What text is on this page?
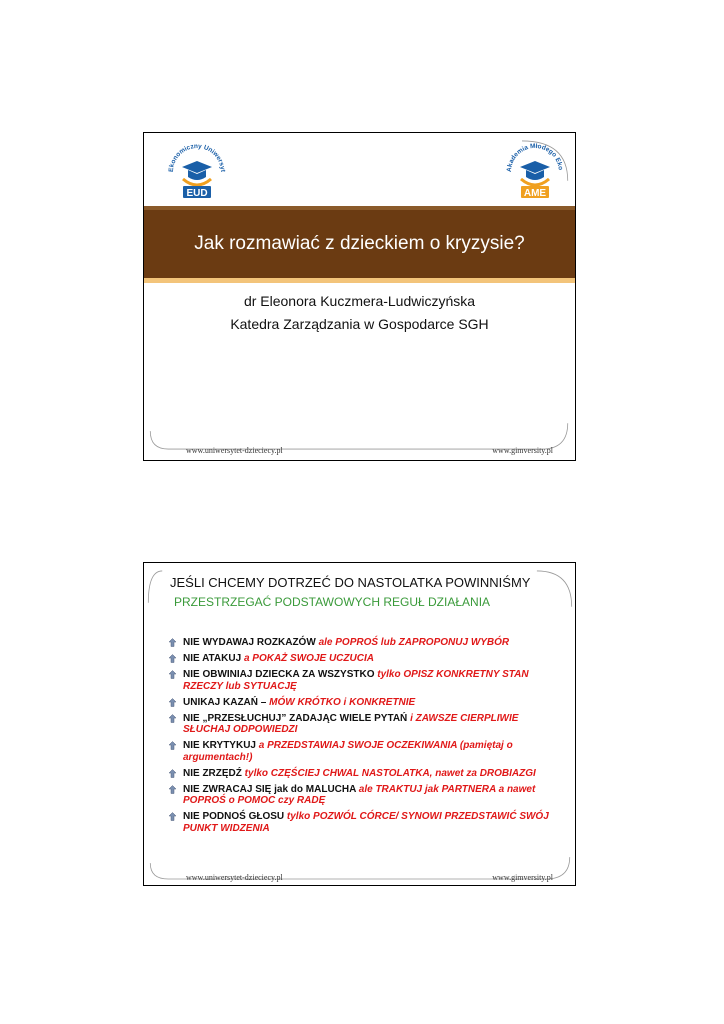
Ekonomiczny Uniwersyt
EUD
Akademia Młodego Eko
AME
Jak rozmawiać z dzieckiem o kryzysie?
dr Eleonora Kuczmera-Ludwiczyńska
Katedra Zarządzania w Gospodarce SGH
www.uniwersytet-dzieciecy.pl	www.gimversity.pl
JEŚLI CHCEMY DOTRZEĆ DO NASTOLATKA POWINNIŚMY
PRZESTRZEGAĆ PODSTAWOWYCH REGUŁ DZIAŁANIA
NIE WYDAWAJ ROZKAZÓW ale POPROŚ lub ZAPROPONUJ WYBÓR
NIE ATAKUJ a POKAŻ SWOJE UCZUCIA
NIE OBWINIAJ DZIECKA ZA WSZYSTKO tylko OPISZ KONKRETNY STAN RZECZY lub SYTUACJĘ
UNIKAJ KAZAŃ – MÓW KRÓTKO i KONKRETNIE
NIE „PRZESŁUCHUJ” ZADAJĄC WIELE PYTAŃ i ZAWSZE CIERPLIWIE SŁUCHAJ ODPOWIEDZI
NIE KRYTYKUJ a PRZEDSTAWIAJ SWOJE OCZEKIWANIA (pamiętaj o argumentach!)
NIE ZRZĘDŹ tylko CZĘŚCIEJ CHWAL NASTOLATKA, nawet za DROBIAZGI
NIE ZWRACAJ SIĘ jak do MALUCHA ale TRAKTUJ jak PARTNERA a nawet POPROŚ o POMOC czy RADĘ
NIE PODNOŚ GŁOSU tylko POZWÓL CÓRCE/ SYNOWI PRZEDSTAWIĆ SWÓJ PUNKT WIDZENIA
www.uniwersytet-dzieciecy.pl	www.gimversity.pl
